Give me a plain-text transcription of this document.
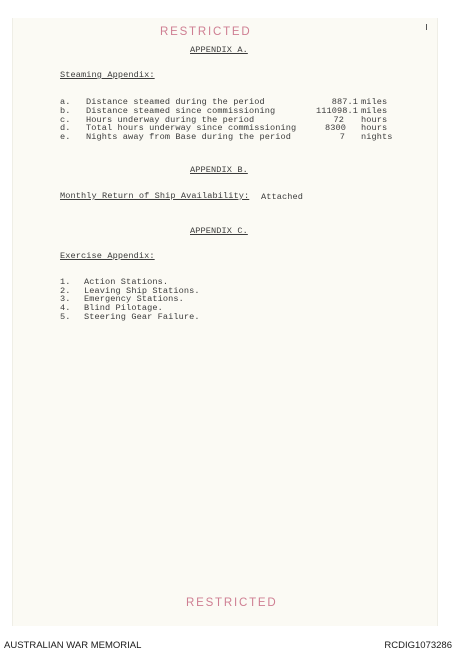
RESTRICTED
APPENDIX A.
Steaming Appendix:
a. Distance steamed during the period	887.1 miles
b. Distance steamed since commissioning	111098.1 miles
c. Hours underway during the period	72 hours
d. Total hours underway since commissioning	8300 hours
e. Nights away from Base during the period	7 nights
APPENDIX B.
Monthly Return of Ship Availability: Attached
APPENDIX C.
Exercise Appendix:
1. Action Stations.
2. Leaving Ship Stations.
3. Emergency Stations.
4. Blind Pilotage.
5. Steering Gear Failure.
RESTRICTED
AUSTRALIAN WAR MEMORIAL	RCDIG1073286
